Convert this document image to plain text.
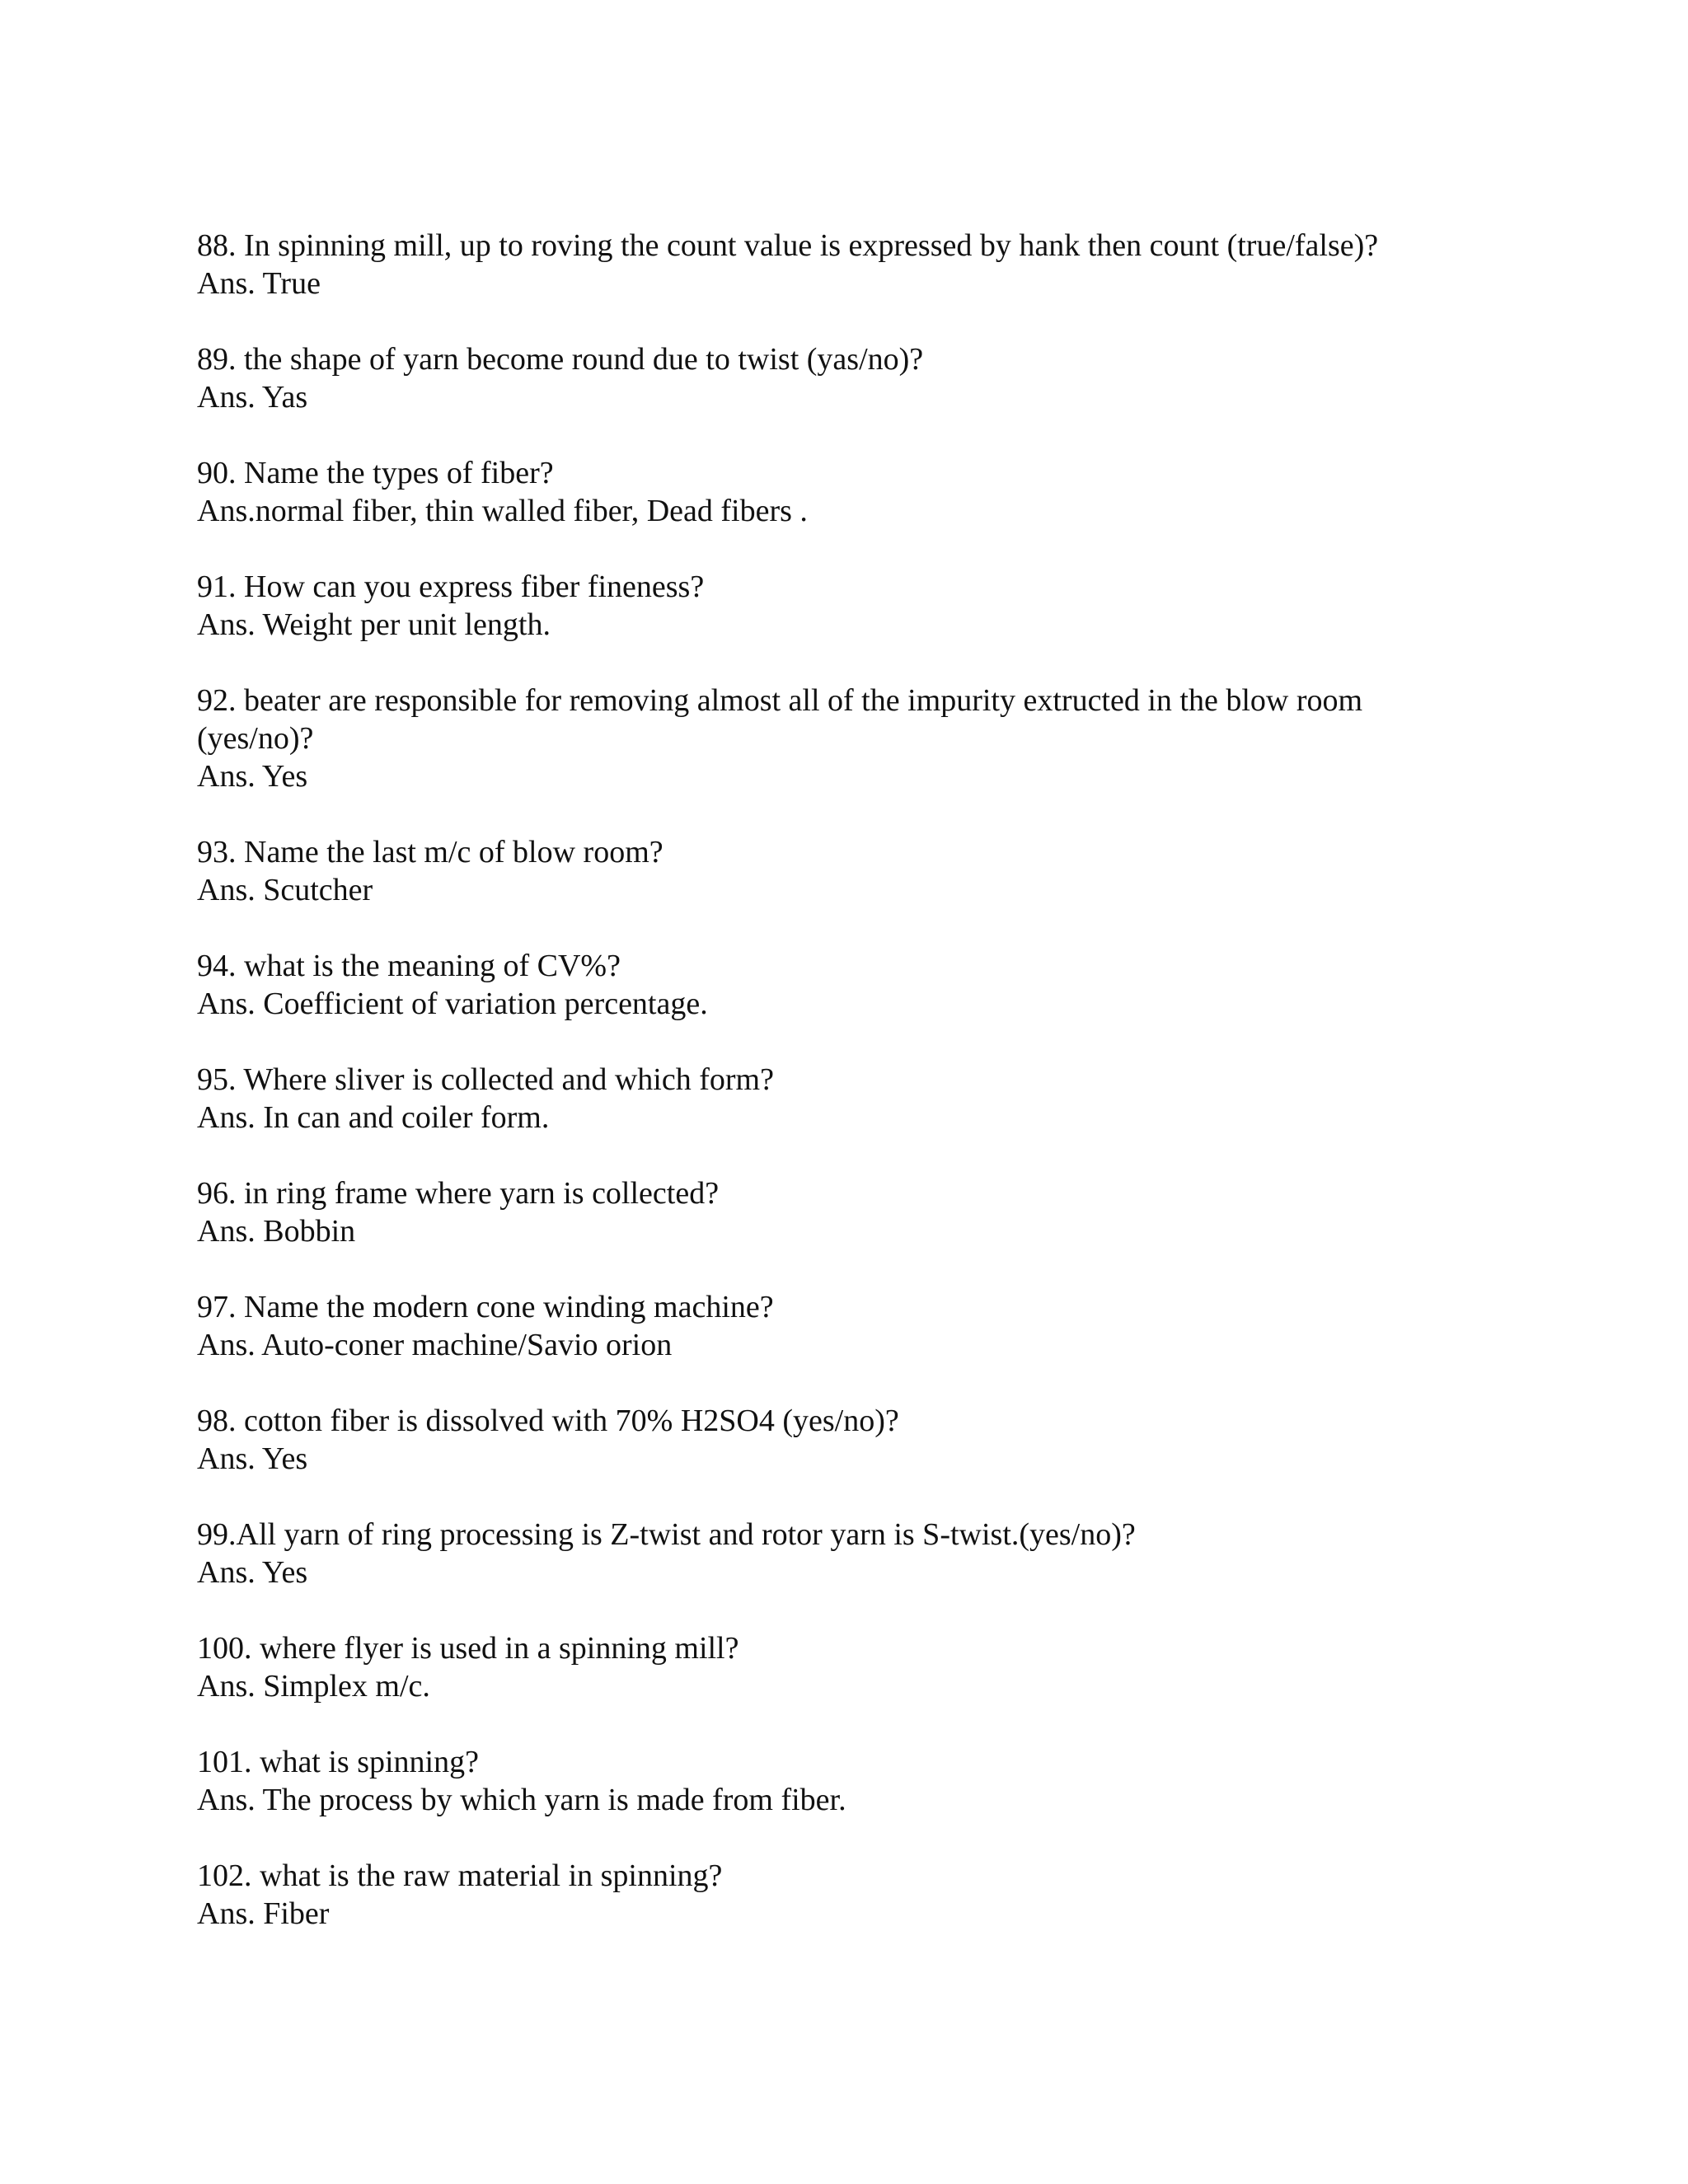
88. In spinning mill, up to roving the count value is expressed by hank then count (true/false)?
Ans. True
89. the shape of yarn become round due to twist (yas/no)?
Ans. Yas
90. Name the types of fiber?
Ans.normal fiber, thin walled fiber, Dead fibers .
91. How can you express fiber fineness?
Ans. Weight per unit length.
92. beater are responsible for removing almost all of the impurity extructed in the blow room (yes/no)?
Ans. Yes
93. Name the last m/c of blow room?
Ans. Scutcher
94. what is the meaning of CV%?
Ans. Coefficient of variation percentage.
95. Where sliver is collected and which form?
Ans. In can and coiler form.
96. in ring frame where yarn is collected?
Ans. Bobbin
97. Name the modern cone winding machine?
Ans. Auto-coner machine/Savio orion
98. cotton fiber is dissolved with 70% H2SO4 (yes/no)?
Ans. Yes
99.All yarn of ring processing is Z-twist and rotor yarn is S-twist.(yes/no)?
Ans. Yes
100. where flyer is used in a spinning mill?
Ans. Simplex m/c.
101. what is spinning?
Ans. The process by which yarn is made from fiber.
102. what is the raw material in spinning?
Ans. Fiber
